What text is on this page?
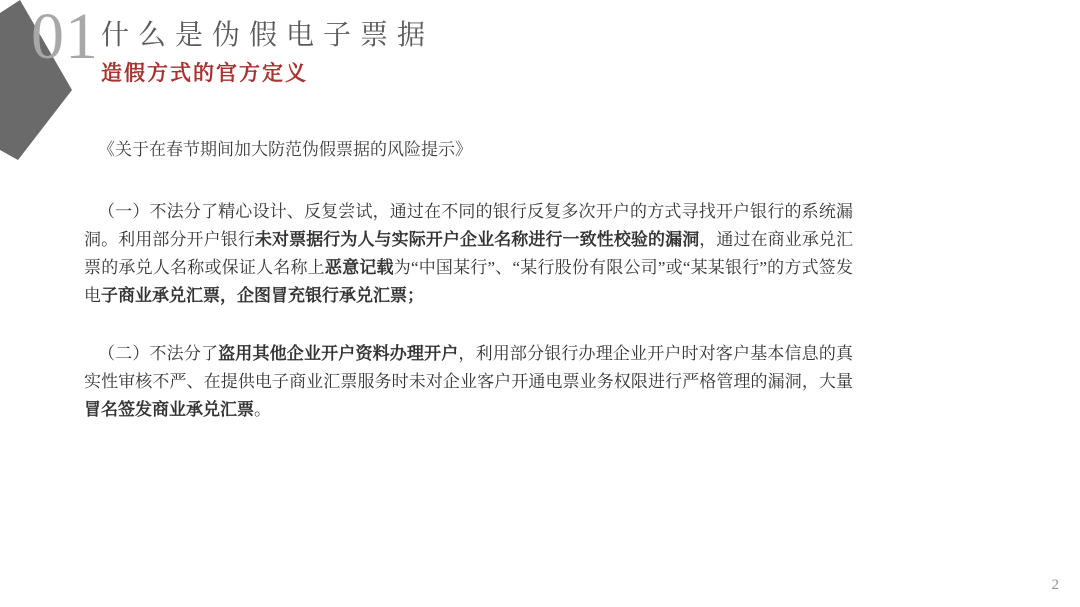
01 什么是伪假电子票据
造假方式的官方定义

《关于在春节期间加大防范伪假票据的风险提示》

（一）不法分了精心设计、反复尝试，通过在不同的银行反复多次开户的方式寻找开户银行的系统漏洞。利用部分开户银行未对票据行为人与实际开户企业名称进行一致性校验的漏洞，通过在商业承兑汇票的承兑人名称或保证人名称上恶意记载为“中国某行”、“某行股份有限公司”或“某某银行”的方式签发电子商业承兑汇票，企图冒充银行承兑汇票；

（二）不法分了盗用其他企业开户资料办理开户，利用部分银行办理企业开户时对客户基本信息的真实性审核不严、在提供电子商业汇票服务时未对企业客户开通电票业务权限进行严格管理的漏洞，大量冒名签发商业承兑汇票。

2
